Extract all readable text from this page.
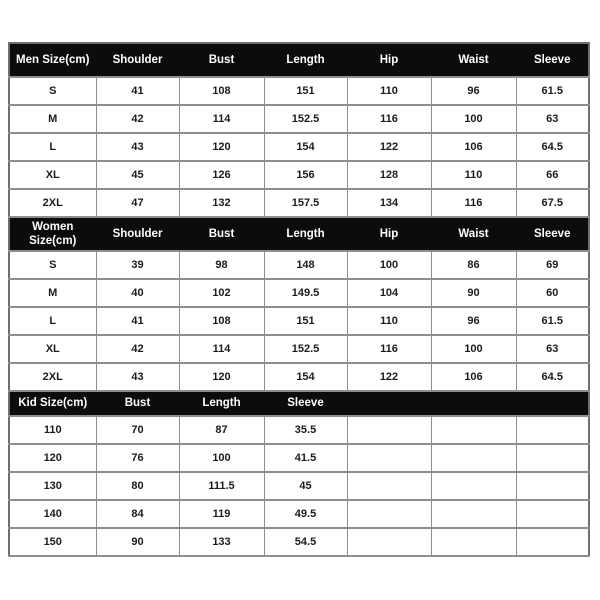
Men Size(cm)	Shoulder	Bust	Length	Hip	Waist	Sleeve
S	41	108	151	110	96	61.5
M	42	114	152.5	116	100	63
L	43	120	154	122	106	64.5
XL	45	126	156	128	110	66
2XL	47	132	157.5	134	116	67.5
Women Size(cm)	Shoulder	Bust	Length	Hip	Waist	Sleeve
S	39	98	148	100	86	69
M	40	102	149.5	104	90	60
L	41	108	151	110	96	61.5
XL	42	114	152.5	116	100	63
2XL	43	120	154	122	106	64.5
Kid Size(cm)	Bust	Length	Sleeve			
110	70	87	35.5			
120	76	100	41.5			
130	80	111.5	45			
140	84	119	49.5			
150	90	133	54.5			
